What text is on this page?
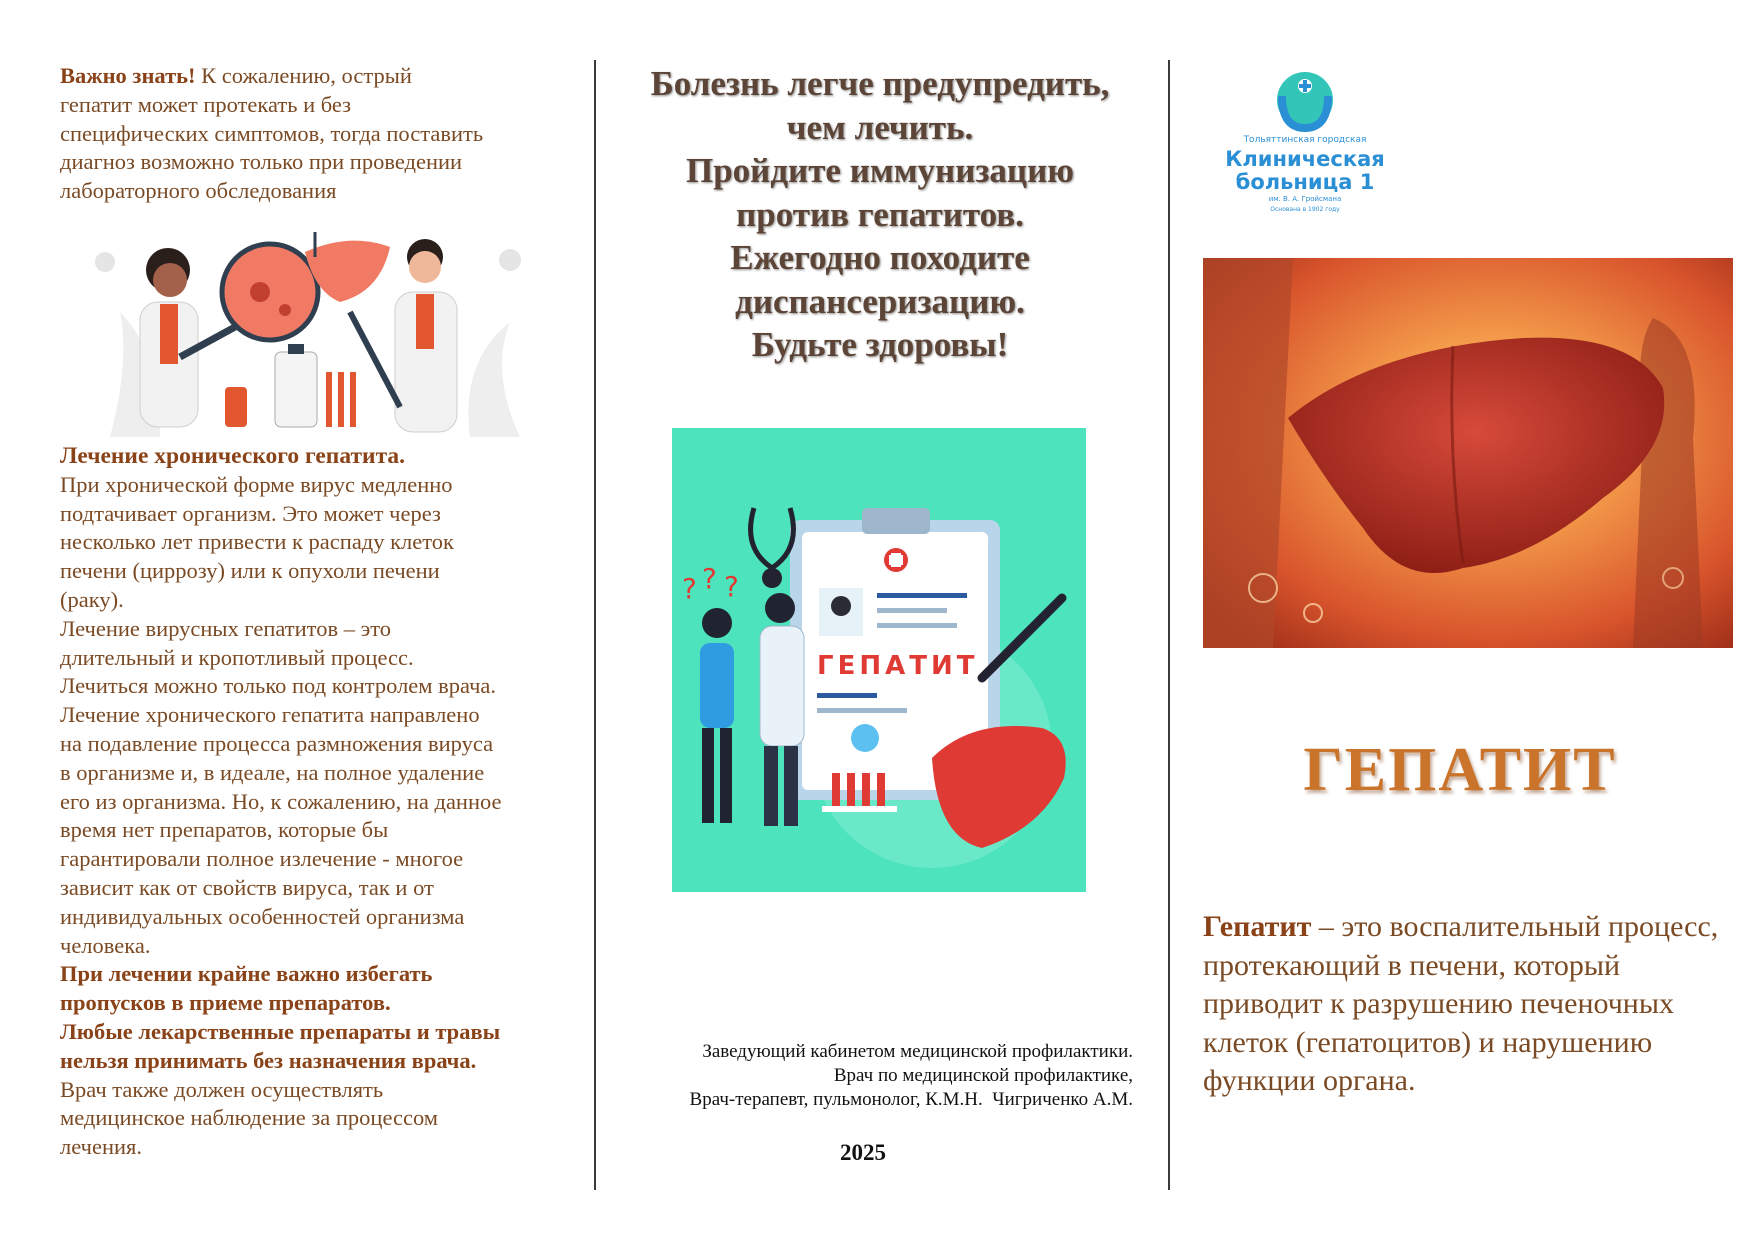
Важно знать! К сожалению, острый
гепатит может протекать и без
специфических симптомов, тогда поставить
диагноз возможно только при проведении
лабораторного обследования
Лечение хронического гепатита.
При хронической форме вирус медленно
подтачивает организм. Это может через
несколько лет привести к распаду клеток
печени (циррозу) или к опухоли печени
(раку).
Лечение вирусных гепатитов – это
длительный и кропотливый процесс.
Лечиться можно только под контролем врача.
Лечение хронического гепатита направлено
на подавление процесса размножения вируса
в организме и, в идеале, на полное удаление
его из организма. Но, к сожалению, на данное
время нет препаратов, которые бы
гарантировали полное излечение - многое
зависит как от свойств вируса, так и от
индивидуальных особенностей организма
человека.
При лечении крайне важно избегать
пропусков в приеме препаратов.
Любые лекарственные препараты и травы
нельзя принимать без назначения врача.
Врач также должен осуществлять
медицинское наблюдение за процессом
лечения.
Болезнь легче предупредить,
чем лечить.
Пройдите иммунизацию
против гепатитов.
Ежегодно походите
диспансеризацию.
Будьте здоровы!
ГЕПАТИТ
? ? ?
Заведующий кабинетом медицинской профилактики.
Врач по медицинской профилактике,
Врач-терапевт, пульмонолог, К.М.Н.  Чигриченко А.М.
2025
Тольяттинская городская
Клиническая
больница 1
им. В. А. Гройсмана
Основана в 1902 году
ГЕПАТИТ
Гепатит – это воспалительный процесс, протекающий в печени, который приводит к разрушению печеночных клеток (гепатоцитов) и нарушению функции органа.
